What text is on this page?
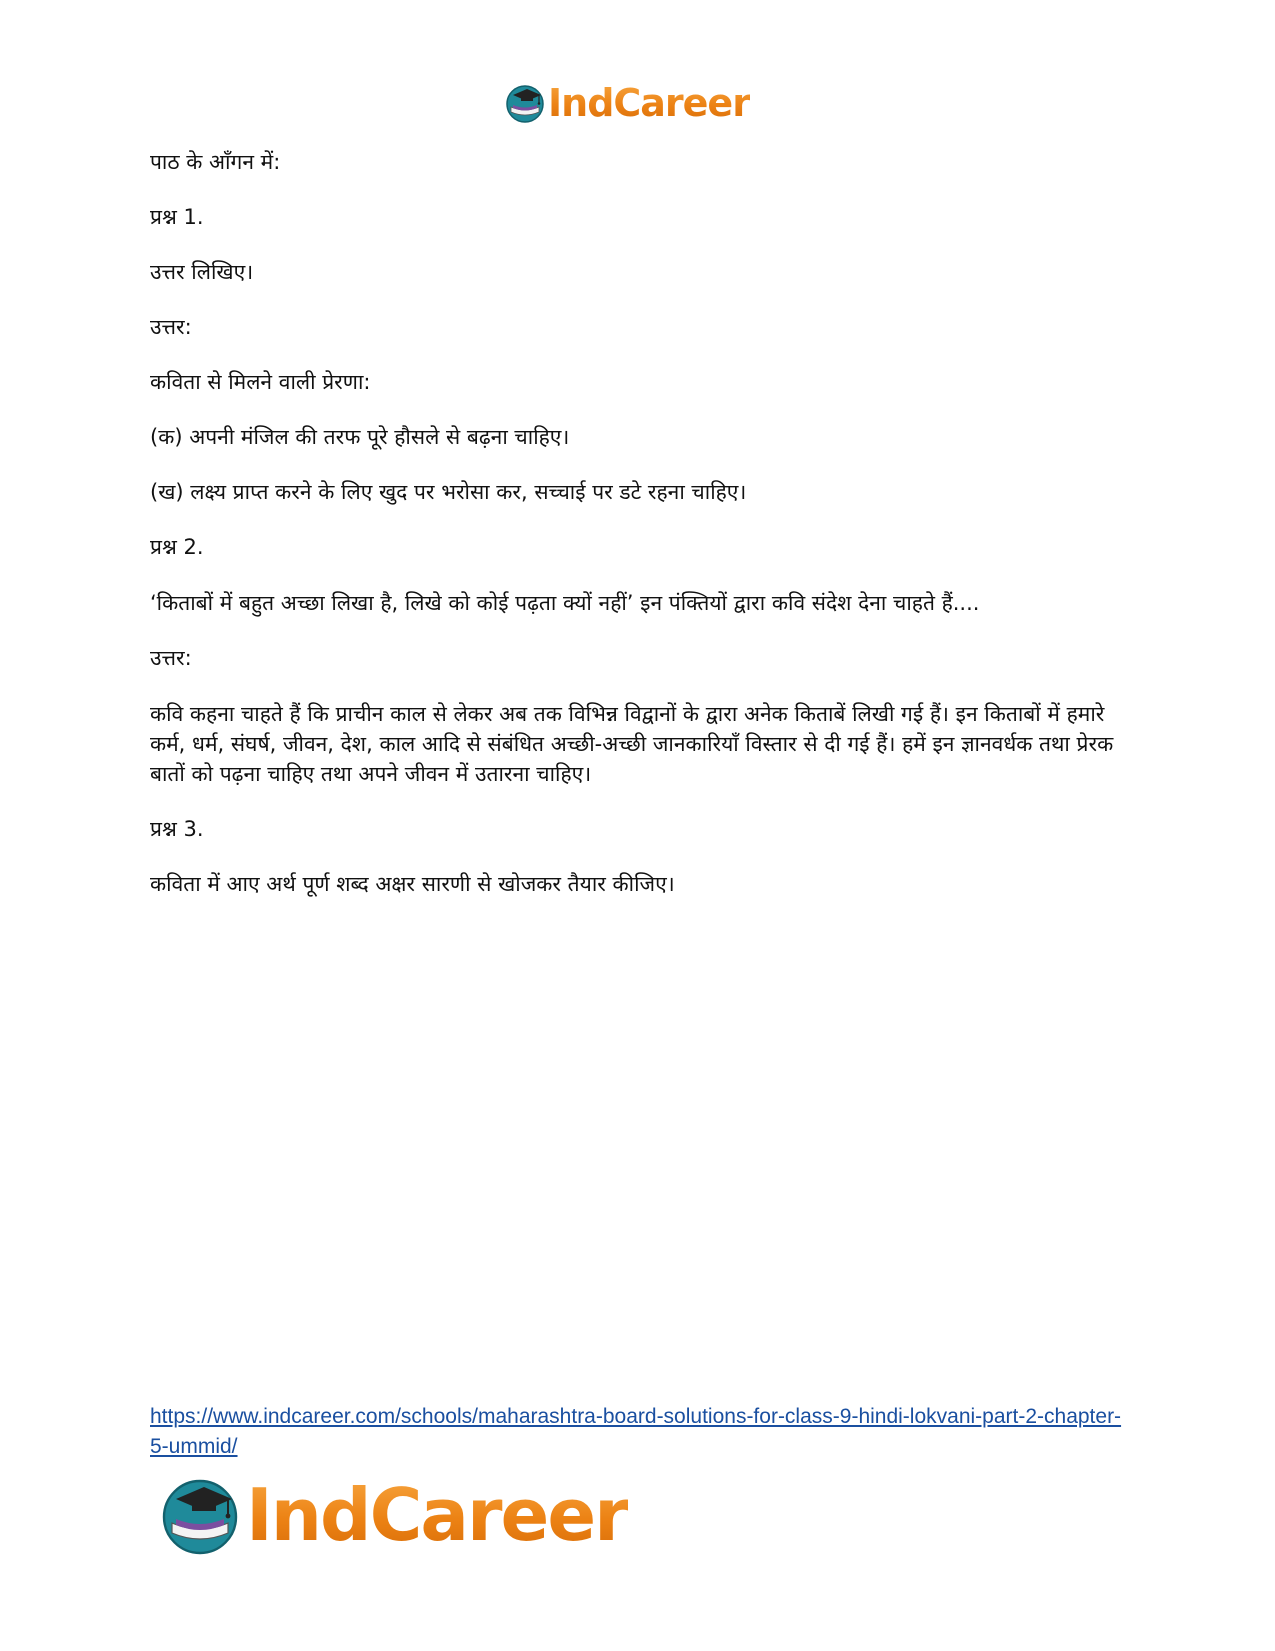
IndCareer

पाठ के आँगन में:

प्रश्न 1.

उत्तर लिखिए।

उत्तर:

कविता से मिलने वाली प्रेरणा:

(क) अपनी मंजिल की तरफ पूरे हौसले से बढ़ना चाहिए।

(ख) लक्ष्य प्राप्त करने के लिए खुद पर भरोसा कर, सच्चाई पर डटे रहना चाहिए।

प्रश्न 2.

‘किताबों में बहुत अच्छा लिखा है, लिखे को कोई पढ़ता क्यों नहीं’ इन पंक्तियों द्वारा कवि संदेश देना चाहते हैं....

उत्तर:

कवि कहना चाहते हैं कि प्राचीन काल से लेकर अब तक विभिन्न विद्वानों के द्वारा अनेक किताबें लिखी गई हैं। इन किताबों में हमारे कर्म, धर्म, संघर्ष, जीवन, देश, काल आदि से संबंधित अच्छी-अच्छी जानकारियाँ विस्तार से दी गई हैं। हमें इन ज्ञानवर्धक तथा प्रेरक बातों को पढ़ना चाहिए तथा अपने जीवन में उतारना चाहिए।

प्रश्न 3.

कविता में आए अर्थ पूर्ण शब्द अक्षर सारणी से खोजकर तैयार कीजिए।

https://www.indcareer.com/schools/maharashtra-board-solutions-for-class-9-hindi-lokvani-part-2-chapter-5-ummid/
IndCareer
